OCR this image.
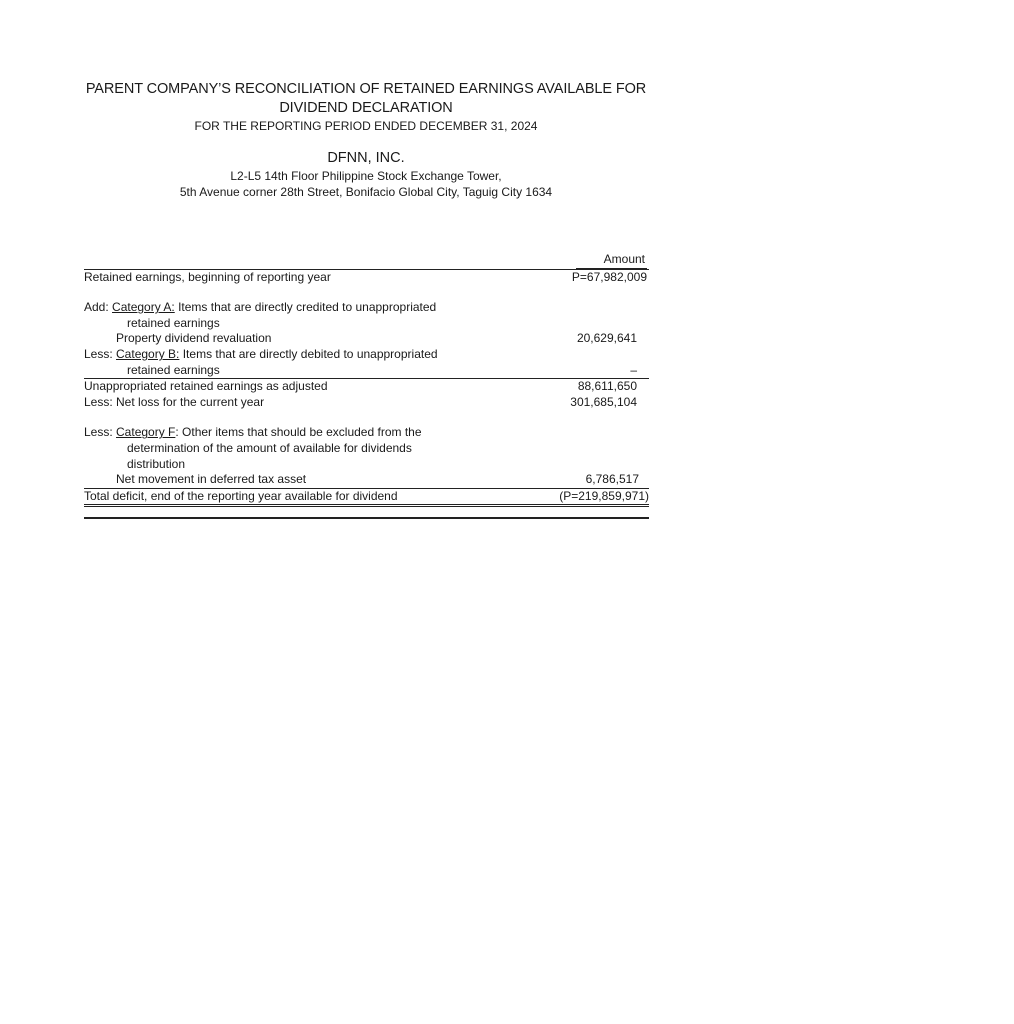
PARENT COMPANY’S RECONCILIATION OF RETAINED EARNINGS AVAILABLE FOR
DIVIDEND DECLARATION
FOR THE REPORTING PERIOD ENDED DECEMBER 31, 2024
DFNN, INC.
L2-L5 14th Floor Philippine Stock Exchange Tower,
5th Avenue corner 28th Street, Bonifacio Global City, Taguig City 1634
Amount
Retained earnings, beginning of reporting year	P=67,982,009
Add: Category A: Items that are directly credited to unappropriated
retained earnings
Property dividend revaluation	20,629,641
Less: Category B: Items that are directly debited to unappropriated
retained earnings	–
Unappropriated retained earnings as adjusted	88,611,650
Less: Net loss for the current year	301,685,104
Less: Category F: Other items that should be excluded from the
determination of the amount of available for dividends
distribution
Net movement in deferred tax asset	6,786,517
Total deficit, end of the reporting year available for dividend	(P=219,859,971)
